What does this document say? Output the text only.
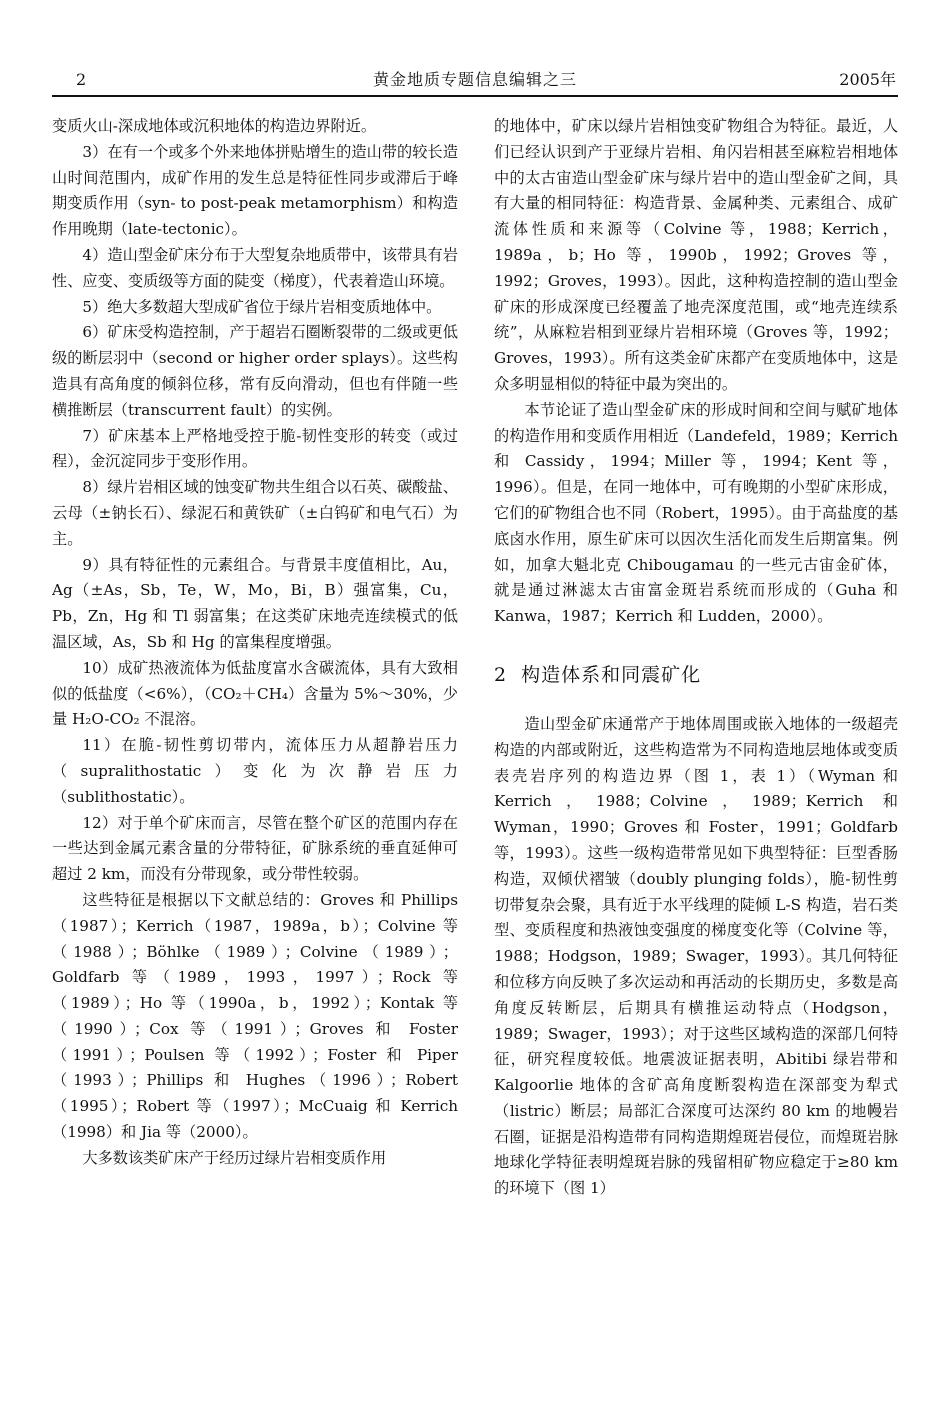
2	黄金地质专题信息编辑之三	2005年

变质火山-深成地体或沉积地体的构造边界附近。

3）在有一个或多个外来地体拼贴增生的造山带的较长造山时间范围内，成矿作用的发生总是特征性同步或滞后于峰期变质作用（syn- to post-peak metamorphism）和构造作用晚期（late-tectonic）。

4）造山型金矿床分布于大型复杂地质带中，该带具有岩性、应变、变质级等方面的陡变（梯度），代表着造山环境。

5）绝大多数超大型成矿省位于绿片岩相变质地体中。

6）矿床受构造控制，产于超岩石圈断裂带的二级或更低级的断层羽中（second or higher order splays）。这些构造具有高角度的倾斜位移，常有反向滑动，但也有伴随一些横推断层（transcurrent fault）的实例。

7）矿床基本上严格地受控于脆-韧性变形的转变（或过程），金沉淀同步于变形作用。

8）绿片岩相区域的蚀变矿物共生组合以石英、碳酸盐、云母（±钠长石）、绿泥石和黄铁矿（±白钨矿和电气石）为主。

9）具有特征性的元素组合。与背景丰度值相比，Au，Ag（±As，Sb，Te，W，Mo，Bi，B）强富集，Cu，Pb，Zn，Hg 和 Tl 弱富集；在这类矿床地壳连续模式的低温区域，As，Sb 和 Hg 的富集程度增强。

10）成矿热液流体为低盐度富水含碳流体，具有大致相似的低盐度（<6%），（CO₂＋CH₄）含量为 5%～30%，少量 H₂O-CO₂ 不混溶。

11）在脆-韧性剪切带内，流体压力从超静岩压力（supralithostatic）变化为次静岩压力（sublithostatic）。

12）对于单个矿床而言，尽管在整个矿区的范围内存在一些达到金属元素含量的分带特征，矿脉系统的垂直延伸可超过 2 km，而没有分带现象，或分带性较弱。

这些特征是根据以下文献总结的：Groves 和 Phillips（1987）；Kerrich（1987，1989a，b）；Colvine 等（1988）；Böhlke（1989）；Colvine（1989）；Goldfarb 等（1989，1993，1997）；Rock 等（1989）；Ho 等（1990a，b，1992）；Kontak 等（1990）；Cox 等（1991）；Groves 和 Foster（1991）；Poulsen 等（1992）；Foster 和 Piper（1993）；Phillips 和 Hughes（1996）；Robert（1995）；Robert 等（1997）；McCuaig 和 Kerrich（1998）和 Jia 等（2000）。

大多数该类矿床产于经历过绿片岩相变质作用

的地体中，矿床以绿片岩相蚀变矿物组合为特征。最近，人们已经认识到产于亚绿片岩相、角闪岩相甚至麻粒岩相地体中的太古宙造山型金矿床与绿片岩中的造山型金矿之间，具有大量的相同特征：构造背景、金属种类、元素组合、成矿流体性质和来源等（Colvine 等，1988；Kerrich，1989a，b；Ho 等，1990b，1992；Groves 等，1992；Groves，1993）。因此，这种构造控制的造山型金矿床的形成深度已经覆盖了地壳深度范围，或“地壳连续系统”，从麻粒岩相到亚绿片岩相环境（Groves 等，1992；Groves，1993）。所有这类金矿床都产在变质地体中，这是众多明显相似的特征中最为突出的。

本节论证了造山型金矿床的形成时间和空间与赋矿地体的构造作用和变质作用相近（Landefeld，1989；Kerrich 和 Cassidy，1994；Miller 等，1994；Kent 等，1996）。但是，在同一地体中，可有晚期的小型矿床形成，它们的矿物组合也不同（Robert，1995）。由于高盐度的基底卤水作用，原生矿床可以因次生活化而发生后期富集。例如，加拿大魁北克 Chibougamau 的一些元古宙金矿体，就是通过淋滤太古宙富金斑岩系统而形成的（Guha 和 Kanwa，1987；Kerrich 和 Ludden，2000）。

2 构造体系和同震矿化

造山型金矿床通常产于地体周围或嵌入地体的一级超壳构造的内部或附近，这些构造常为不同构造地层地体或变质表壳岩序列的构造边界（图 1，表 1）（Wyman 和 Kerrich，1988；Colvine，1989；Kerrich 和 Wyman，1990；Groves 和 Foster，1991；Goldfarb 等，1993）。这些一级构造带常见如下典型特征：巨型香肠构造，双倾伏褶皱（doubly plunging folds），脆-韧性剪切带复杂会聚，具有近于水平线理的陡倾 L-S 构造，岩石类型、变质程度和热液蚀变强度的梯度变化等（Colvine 等，1988；Hodgson，1989；Swager，1993）。其几何特征和位移方向反映了多次运动和再活动的长期历史，多数是高角度反转断层，后期具有横推运动特点（Hodgson，1989；Swager，1993）；对于这些区域构造的深部几何特征，研究程度较低。地震波证据表明，Abitibi 绿岩带和 Kalgoorlie 地体的含矿高角度断裂构造在深部变为犁式（listric）断层；局部汇合深度可达深约 80 km 的地幔岩石圈，证据是沿构造带有同构造期煌斑岩侵位，而煌斑岩脉地球化学特征表明煌斑岩脉的残留相矿物应稳定于≥80 km 的环境下（图 1）
